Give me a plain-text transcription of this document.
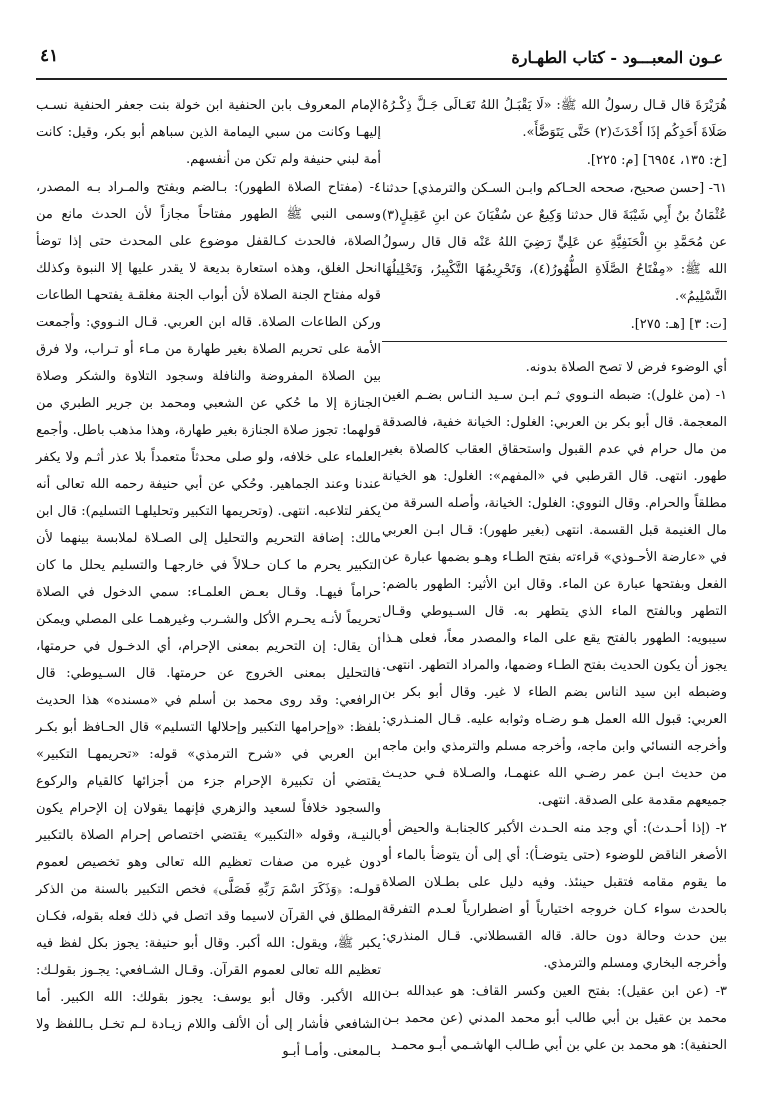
عـون المعبـــود - كتاب الطهـارة
٤١

هُرَيْرَةَ قال قـال رسولُ الله ﷺ: «لَا يَقْبَـلُ اللهُ تَعَـالَى جَـلَّ ذِكْـرُهُ صَلَاةَ أَحَدِكُم إذَا أَحْدَثَ(٢) حَتَّى يَتَوَضَّأَ».

[خ: ١٣٥، ٦٩٥٤] [م: ٢٢٥].

٦١- [حسن صحيح، صححه الحـاكم وابـن السـكن والترمذي] حدثنا عُثْمَانُ بنُ أَبِي شَيْبَةَ قال حدثنا وَكِيعٌ عن سُفْيَانَ عن ابنِ عَقِيلٍ(٣) عن مُحَمَّدِ بنِ الْحَنَفِيَّةِ عن عَلِيٍّ رَضِيَ اللهُ عَنْه قال قال رسولُ الله ﷺ: «مِفْتَاحُ الصَّلَاةِ الطُّهُورُ(٤)، وَتَحْرِيمُهَا التَّكْبِيرُ، وَتَحْلِيلُهَا التَّسْلِيمُ».

[ت: ٣] [هـ: ٢٧٥].

أي الوضوء فرض لا تصح الصلاة بدونه.

١- (من غلول): ضبطه النـووي ثـم ابـن سـيد النـاس بضـم الغين المعجمة. قال أبو بكر بن العربي: الغلول: الخيانة خفية، فالصدقة من مال حرام في عدم القبول واستحقاق العقاب كالصلاة بغير طهور. انتهى. قال القرطبي في «المفهم»: الغلول: هو الخيانة مطلقاً والحرام. وقال النووي: الغلول: الخيانة، وأصله السرقة من مال الغنيمة قبل القسمة. انتهى (بغير طهور): قـال ابـن العربي في «عارضة الأحـوذي» قراءته بفتح الطـاء وهـو بضمها عبارة عن الفعل وبفتحها عبارة عن الماء. وقال ابن الأثير: الطهور بالضم: التطهر وبالفتح الماء الذي يتطهر به. قال السـيوطي وقـال سيبويه: الطهور بالفتح يقع على الماء والمصدر معاً، فعلى هـذا يجوز أن يكون الحديث بفتح الطـاء وضمها، والمراد التطهر. انتهى. وضبطه ابن سيد الناس بضم الطاء لا غير. وقال أبو بكر بن العربي: قبول الله العمل هـو رضـاه وثوابه عليه. قـال المنـذري: وأخرجه النسائي وابن ماجه، وأخرجه مسلم والترمذي وابن ماجه من حديث ابـن عمر رضـي الله عنهمـا، والصـلاة فـي حديـث جميعهم مقدمة على الصدقة. انتهى.

٢- (إذا أحـدث): أي وجد منه الحـدث الأكبر كالجنابـة والحيض أو الأصغر الناقض للوضوء (حتى يتوضـأ): أي إلى أن يتوضأ بالماء أو ما يقوم مقامه فتقبل حينئذ. وفيه دليل على بطـلان الصلاة بالحدث سواء كـان خروجه اختيارياً أو اضطرارياً لعـدم التفرقة بين حدث وحالة دون حالة. قاله القسطلاني. قـال المنذري: وأخرجه البخاري ومسلم والترمذي.

٣- (عن ابن عقيل): بفتح العين وكسر القاف: هو عبدالله بـن محمد بن عقيل بن أبي طالب أبو محمد المدني (عن محمد بـن الحنفية): هو محمد بن علي بن أبي طـالب الهاشـمي أبـو محمـد

الإمام المعروف بابن الحنفية ابن خولة بنت جعفر الحنفية نسـب إليهـا وكانت من سبي اليمامة الذين سباهم أبو بكر، وقيل: كانت أمة لبني حنيفة ولم تكن من أنفسهم.

٤- (مفتاح الصلاة الطهور): بـالضم وبفتح والمـراد بـه المصدر، وسمى النبي ﷺ الطهور مفتاحاً مجازاً لأن الحدث مانع من الصلاة، فالحدث كـالقفل موضوع على المحدث حتى إذا توضأ انحل الغلق، وهذه استعارة بديعة لا يقدر عليها إلا النبوة وكذلك قوله مفتاح الجنة الصلاة لأن أبواب الجنة مغلقـة يفتحهـا الطاعات وركن الطاعات الصلاة. قاله ابن العربي. قـال النـووي: وأجمعت الأمة على تحريم الصلاة بغير طهارة من مـاء أو تـراب، ولا فرق بين الصلاة المفروضة والنافلة وسجود التلاوة والشكر وصلاة الجنازة إلا ما حُكي عن الشعبي ومحمد بن جرير الطبري من قولهما: تجوز صلاة الجنازة بغير طهارة، وهذا مذهب باطل. وأجمع العلماء على خلافه، ولو صلى محدثاً متعمداً بلا عذر أثـم ولا يكفر عندنا وعند الجماهير. وحُكي عن أبي حنيفة رحمه الله تعالى أنه يكفر لتلاعبه. انتهى. (وتحريمها التكبير وتحليلهـا التسليم): قال ابن مالك: إضافة التحريم والتحليل إلى الصـلاة لملابسة بينهما لأن التكبير يحرم ما كـان حـلالاً في خارجهـا والتسليم يحلل ما كان حراماً فيهـا. وقـال بعـض العلمـاء: سمي الدخول في الصلاة تحريماً لأنـه يحـرم الأكل والشـرب وغيرهمـا على المصلي ويمكن أن يقال: إن التحريم بمعنى الإحرام، أي الدخـول في حرمتها، فالتحليل بمعنى الخروج عن حرمتها. قال السـيوطي: قال الرافعي: وقد روى محمد بن أسلم في «مسنده» هذا الحديث بلفظ: «وإحرامها التكبير وإحلالها التسليم» قال الحـافظ أبو بكـر ابن العربي في «شرح الترمذي» قوله: «تحريمهـا التكبير» يقتضي أن تكبيرة الإحرام جزء من أجزائها كالقيام والركوع والسجود خلافاً لسعيد والزهري فإنهما يقولان إن الإحرام يكون بالنيـة، وقوله «التكبير» يقتضي اختصاص إحرام الصلاة بالتكبير دون غيره من صفات تعظيم الله تعالى وهو تخصيص لعموم قولـه: ﴿وَذَكَرَ اسْمَ رَبِّهِ فَصَلَّى﴾ فخص التكبير بالسنة من الذكر المطلق في القرآن لاسيما وقد اتصل في ذلك فعله بقوله، فكـان يكبر ﷺ، ويقول: الله أكبر. وقال أبو حنيفة: يجوز بكل لفظ فيه تعظيم الله تعالى لعموم القرآن. وقـال الشـافعي: يجـوز بقولـك: الله الأكبر. وقال أبو يوسف: يجوز بقولك: الله الكبير. أما الشافعي فأشار إلى أن الألف واللام زيـادة لـم تخـل بـاللفظ ولا بـالمعنى. وأمـا أبـو
